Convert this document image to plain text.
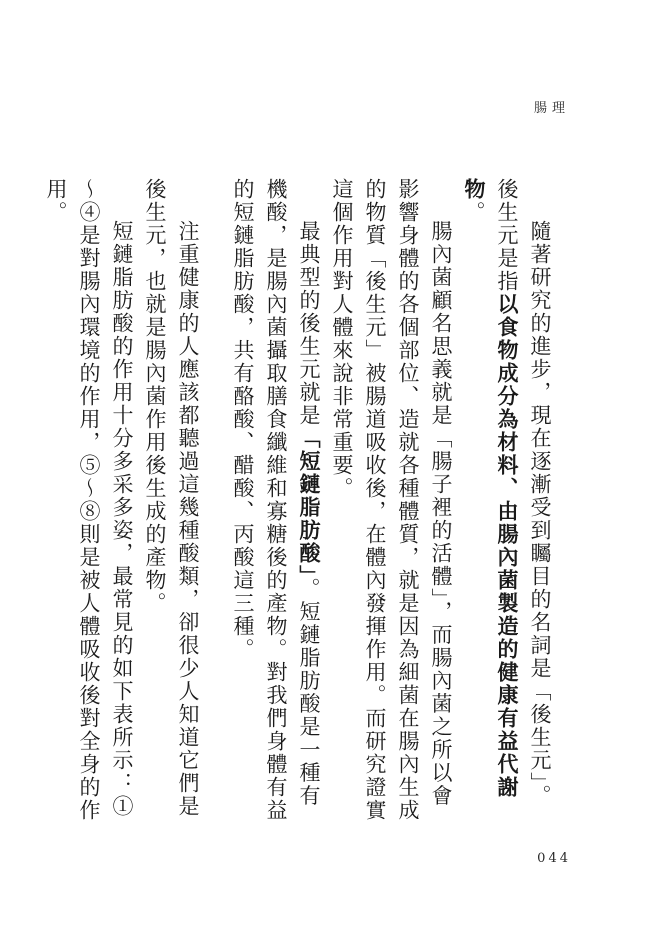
腸理

隨著研究的進步，現在逐漸受到矚目的名詞是「後生元」。後生元是指以食物成分為材料、由腸內菌製造的健康有益代謝物。

腸內菌顧名思義就是「腸子裡的活體」，而腸內菌之所以會影響身體的各個部位、造就各種體質，就是因為細菌在腸內生成的物質「後生元」被腸道吸收後，在體內發揮作用。而研究證實這個作用對人體來說非常重要。

最典型的後生元就是「短鏈脂肪酸」。短鏈脂肪酸是一種有機酸，是腸內菌攝取膳食纖維和寡糖後的產物。對我們身體有益的短鏈脂肪酸，共有酪酸、醋酸、丙酸這三種。

注重健康的人應該都聽過這幾種酸類，卻很少人知道它們是後生元，也就是腸內菌作用後生成的產物。

短鏈脂肪酸的作用十分多采多姿，最常見的如下表所示：①～④是對腸內環境的作用，⑤～⑧則是被人體吸收後對全身的作用。

044
